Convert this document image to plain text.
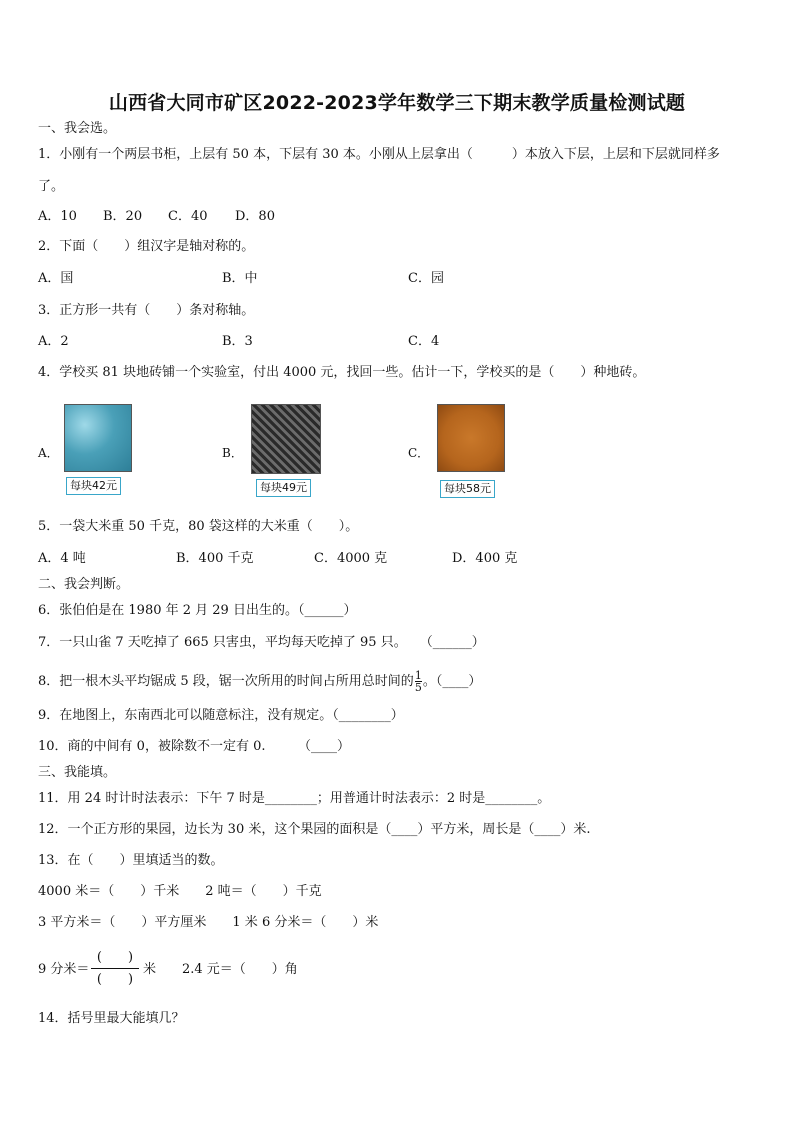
山西省大同市矿区2022-2023学年数学三下期末教学质量检测试题
一、我会选。
1．小刚有一个两层书柜，上层有 50 本，下层有 30 本。小刚从上层拿出（　　　）本放入下层，上层和下层就同样多
了。
A．10 B．20 C．40 D．80
2．下面（　　）组汉字是轴对称的。
A．国	B．中	C．园
3．正方形一共有（　　）条对称轴。
A．2	B．3	C．4
4．学校买 81 块地砖铺一个实验室，付出 4000 元，找回一些。估计一下，学校买的是（　　）种地砖。
A．
每块42元
B．
每块49元
C．
每块58元
5．一袋大米重 50 千克，80 袋这样的大米重（　　）。
A．4 吨	B．400 千克	C．4000 克	D．400 克
二、我会判断。
6．张伯伯是在 1980 年 2 月 29 日出生的。（______）
7．一只山雀 7 天吃掉了 665 只害虫，平均每天吃掉了 95 只。　　（______）
8．把一根木头平均锯成 5 段，锯一次所用的时间占所用总时间的 $\frac{1}{5}$ 。（____）
9．在地图上，东南西北可以随意标注，没有规定。（________）
10．商的中间有 0，被除数不一定有 0.　　　（____）
三、我能填。
11．用 24 时计时法表示：下午 7 时是________；用普通计时法表示：2 时是________。
12．一个正方形的果园，边长为 30 米，这个果园的面积是（____）平方米，周长是（____）米.
13．在（　　）里填适当的数。
4000 米＝（　　）千米　　2 吨＝（　　）千克
3 平方米＝（　　）平方厘米　　1 米 6 分米＝（　　）米
9 分米＝
(　　)
(　　)
米　　2.4 元＝（　　）角
14．括号里最大能填几？
